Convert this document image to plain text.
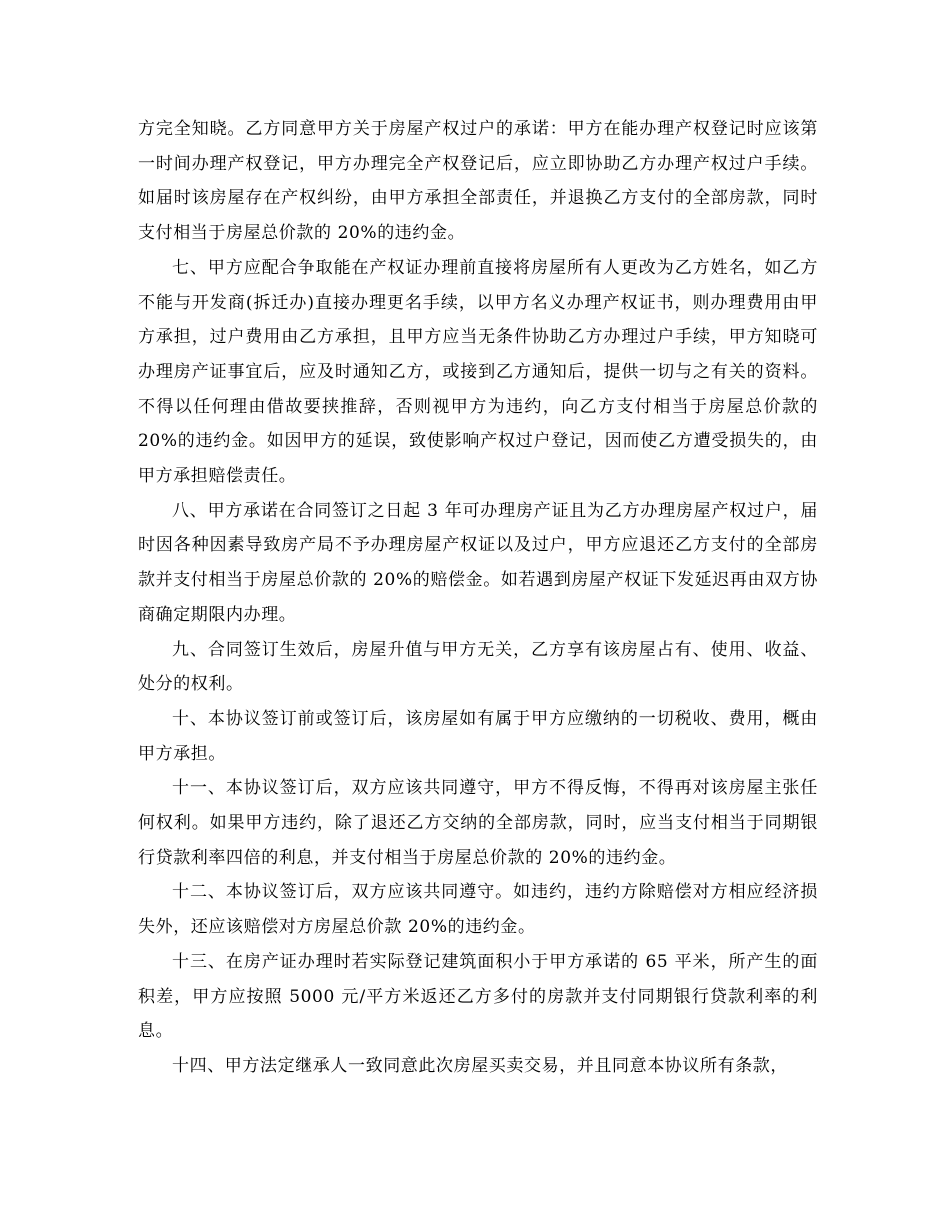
方完全知晓。乙方同意甲方关于房屋产权过户的承诺：甲方在能办理产权登记时应该第一时间办理产权登记，甲方办理完全产权登记后，应立即协助乙方办理产权过户手续。如届时该房屋存在产权纠纷，由甲方承担全部责任，并退换乙方支付的全部房款，同时支付相当于房屋总价款的 20%的违约金。

七、甲方应配合争取能在产权证办理前直接将房屋所有人更改为乙方姓名，如乙方不能与开发商(拆迁办)直接办理更名手续，以甲方名义办理产权证书，则办理费用由甲方承担，过户费用由乙方承担，且甲方应当无条件协助乙方办理过户手续，甲方知晓可办理房产证事宜后，应及时通知乙方，或接到乙方通知后，提供一切与之有关的资料。不得以任何理由借故要挟推辞，否则视甲方为违约，向乙方支付相当于房屋总价款的 20%的违约金。如因甲方的延误，致使影响产权过户登记，因而使乙方遭受损失的，由甲方承担赔偿责任。

八、甲方承诺在合同签订之日起 3 年可办理房产证且为乙方办理房屋产权过户，届时因各种因素导致房产局不予办理房屋产权证以及过户，甲方应退还乙方支付的全部房款并支付相当于房屋总价款的 20%的赔偿金。如若遇到房屋产权证下发延迟再由双方协商确定期限内办理。

九、合同签订生效后，房屋升值与甲方无关，乙方享有该房屋占有、使用、收益、处分的权利。

十、本协议签订前或签订后，该房屋如有属于甲方应缴纳的一切税收、费用，概由甲方承担。

十一、本协议签订后，双方应该共同遵守，甲方不得反悔，不得再对该房屋主张任何权利。如果甲方违约，除了退还乙方交纳的全部房款，同时，应当支付相当于同期银行贷款利率四倍的利息，并支付相当于房屋总价款的 20%的违约金。

十二、本协议签订后，双方应该共同遵守。如违约，违约方除赔偿对方相应经济损失外，还应该赔偿对方房屋总价款 20%的违约金。

十三、在房产证办理时若实际登记建筑面积小于甲方承诺的 65 平米，所产生的面积差，甲方应按照 5000 元/平方米返还乙方多付的房款并支付同期银行贷款利率的利息。

十四、甲方法定继承人一致同意此次房屋买卖交易，并且同意本协议所有条款，
